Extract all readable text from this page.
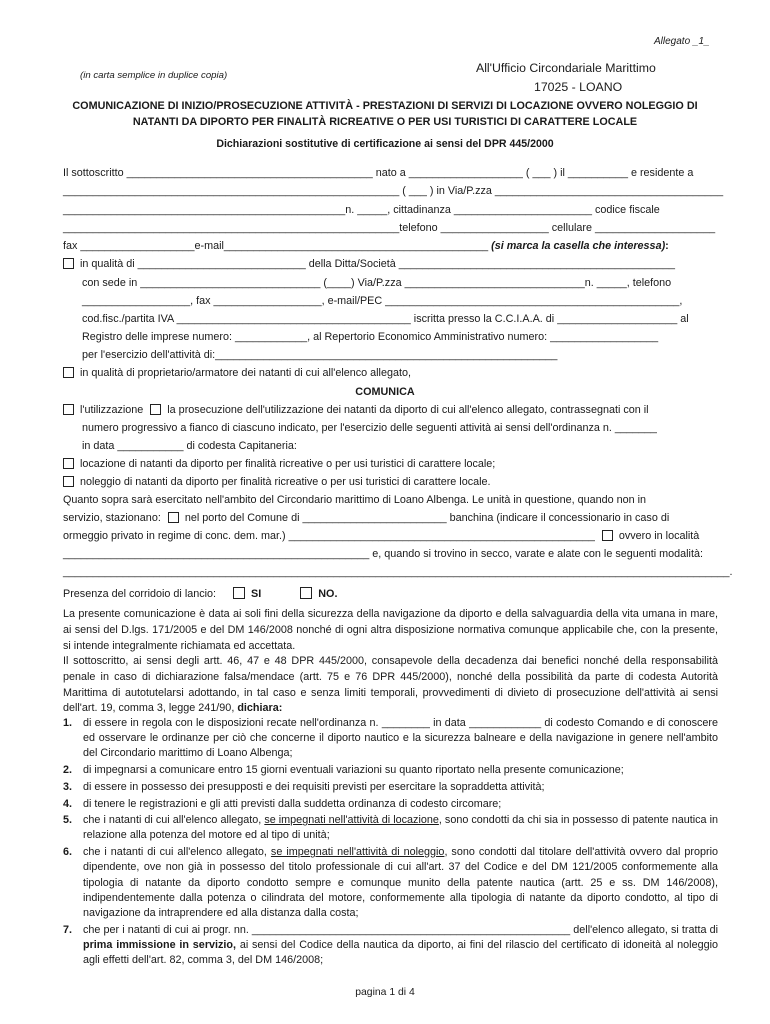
Allegato _1_
(in carta semplice in duplice copia)
All'Ufficio Circondariale Marittimo
17025 - LOANO
COMUNICAZIONE DI INIZIO/PROSECUZIONE ATTIVITÀ - PRESTAZIONI DI SERVIZI DI LOCAZIONE OVVERO NOLEGGIO DI
NATANTI DA DIPORTO PER FINALITÀ RICREATIVE O PER USI TURISTICI DI CARATTERE LOCALE
Dichiarazioni sostitutive di certificazione ai sensi del DPR 445/2000
Il sottoscritto _________________________________________ nato a ___________________ ( ___ ) il __________ e residente a
________________________________________________________ ( ___ ) in Via/P.zza ______________________________________
_______________________________________________n. _____, cittadinanza _______________________ codice fiscale
________________________________________________________telefono __________________ cellulare ____________________
fax ___________________e-mail____________________________________________ (si marca la casella che interessa):
in qualità di ____________________________ della Ditta/Società ______________________________________________
con sede in ______________________________ (____) Via/P.zza ______________________________n. _____, telefono
__________________, fax __________________, e-mail/PEC _________________________________________________,
cod.fisc./partita IVA _______________________________________ iscritta presso la C.C.I.A.A. di ____________________ al
Registro delle imprese numero: ____________, al Repertorio Economico Amministrativo numero: __________________
per l'esercizio dell'attività di:_________________________________________________________
in qualità di proprietario/armatore dei natanti di cui all'elenco allegato,
COMUNICA
l'utilizzazione la prosecuzione dell'utilizzazione dei natanti da diporto di cui all'elenco allegato, contrassegnati con il
numero progressivo a fianco di ciascuno indicato, per l'esercizio delle seguenti attività ai sensi dell'ordinanza n. _______
in data ___________ di codesta Capitaneria:
locazione di natanti da diporto per finalità ricreative o per usi turistici di carattere locale;
noleggio di natanti da diporto per finalità ricreative o per usi turistici di carattere locale.
Quanto sopra sarà esercitato nell'ambito del Circondario marittimo di Loano Albenga. Le unità in questione, quando non in
servizio, stazionano: nel porto del Comune di ________________________ banchina (indicare il concessionario in caso di
ormeggio privato in regime di conc. dem. mar.) ___________________________________________________ ovvero in località
___________________________________________________ e, quando si trovino in secco, varate e alate con le seguenti modalità:
_______________________________________________________________________________________________________________.
Presenza del corridoio di lancio:	SI	NO.
La presente comunicazione è data ai soli fini della sicurezza della navigazione da diporto e della salvaguardia della vita umana in mare, ai sensi del D.lgs. 171/2005 e del DM 146/2008 nonché di ogni altra disposizione normativa comunque applicabile che, con la presente, si intende integralmente richiamata ed accettata.
Il sottoscritto, ai sensi degli artt. 46, 47 e 48 DPR 445/2000, consapevole della decadenza dai benefici nonché della responsabilità penale in caso di dichiarazione falsa/mendace (artt. 75 e 76 DPR 445/2000), nonché della possibilità da parte di codesta Autorità Marittima di autotutelarsi adottando, in tal caso e senza limiti temporali, provvedimenti di divieto di prosecuzione dell'attività ai sensi dell'art. 19, comma 3, legge 241/90, dichiara:
1. di essere in regola con le disposizioni recate nell'ordinanza n. ________ in data ____________ di codesto Comando e di conoscere ed osservare le ordinanze per ciò che concerne il diporto nautico e la sicurezza balneare e della navigazione in genere nell'ambito del Circondario marittimo di Loano Albenga;
2. di impegnarsi a comunicare entro 15 giorni eventuali variazioni su quanto riportato nella presente comunicazione;
3. di essere in possesso dei presupposti e dei requisiti previsti per esercitare la sopraddetta attività;
4. di tenere le registrazioni e gli atti previsti dalla suddetta ordinanza di codesto circomare;
5. che i natanti di cui all'elenco allegato, se impegnati nell'attività di locazione, sono condotti da chi sia in possesso di patente nautica in relazione alla potenza del motore ed al tipo di unità;
6. che i natanti di cui all'elenco allegato, se impegnati nell'attività di noleggio, sono condotti dal titolare dell'attività ovvero dal proprio dipendente, ove non già in possesso del titolo professionale di cui all'art. 37 del Codice e del DM 121/2005 conformemente alla tipologia di natante da diporto condotto sempre e comunque munito della patente nautica (artt. 25 e ss. DM 146/2008), indipendentemente dalla potenza o cilindrata del motore, conformemente alla tipologia di natante da diporto condotto, al tipo di navigazione da intraprendere ed alla distanza dalla costa;
7. che per i natanti di cui ai progr. nn. _____________________________________________________ dell'elenco allegato, si tratta di prima immissione in servizio, ai sensi del Codice della nautica da diporto, ai fini del rilascio del certificato di idoneità al noleggio agli effetti dell'art. 82, comma 3, del DM 146/2008;
pagina 1 di 4
